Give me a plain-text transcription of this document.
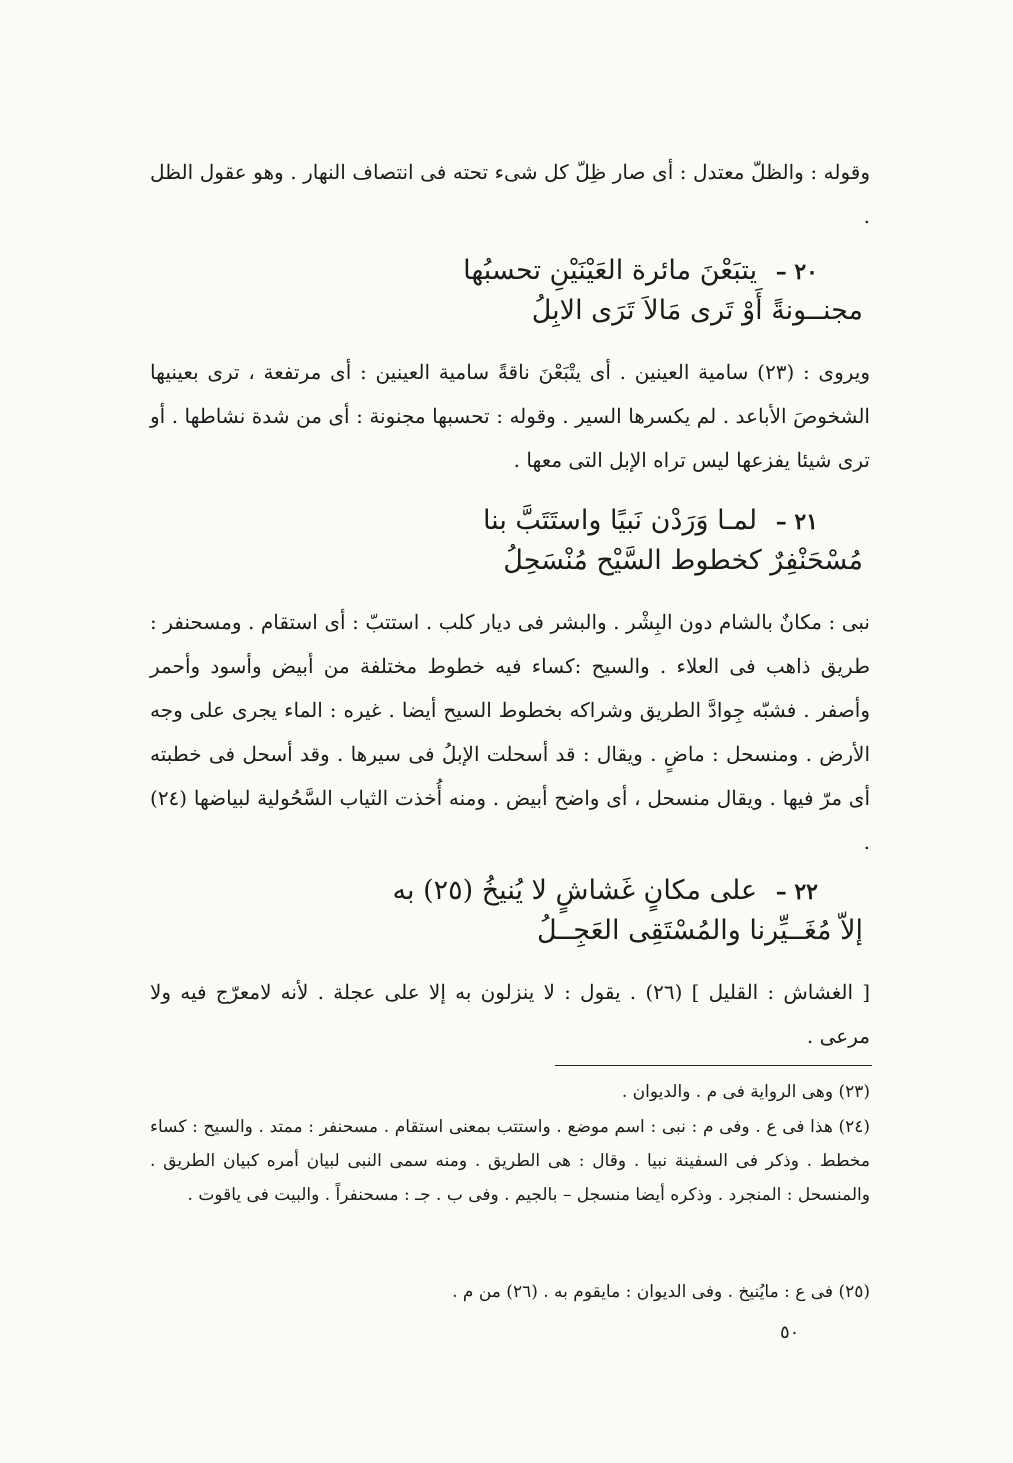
وقوله : والظلّ معتدل : أى صار ظِلّ كل شىء تحته فى انتصاف النهار . وهو عقول الظل .
٢٠ – يتبَعْنَ مائرة العَيْنَيْنِ تحسبُها
مجنــونةً أَوْ تَرى مَالاَ تَرَى الابِلُ
ويروى : (٢٣) سامية العينين . أى يتْبَعْنَ ناقةً سامية العينين : أى مرتفعة ، ترى بعينيها الشخوصَ الأباعد . لم يكسرها السير . وقوله : تحسبها مجنونة : أى من شدة نشاطها . أو ترى شيئا يفزعها ليس تراه الإبل التى معها .
٢١ – لمـا وَرَدْن نَبيًا واستَتَبَّ بنا
مُسْحَنْفِرٌ كخطوط السَّيْح مُنْسَحِلُ
نبى : مكانٌ بالشام دون البِشْر . والبشر فى ديار كلب . استتبّ : أى استقام . ومسحنفر : طريق ذاهب فى العلاء . والسيح :كساء فيه خطوط مختلفة من أبيض وأسود وأحمر وأصفر . فشبّه جِوادَّ الطريق وشراكه بخطوط السيح أيضا . غيره : الماء يجرى على وجه الأرض . ومنسحل : ماضٍ . ويقال : قد أسحلت الإبلُ فى سيرها . وقد أسحل فى خطبته أى مرّ فيها . ويقال منسحل ، أى واضح أبيض . ومنه أُخذت الثياب السَّحُولية لبياضها (٢٤) .
٢٢ – على مكانٍ غَشاشٍ لا يُنيخُ (٢٥) به
إلاّ مُغَــيِّرنا والمُسْتَقِى العَجِــلُ
[ الغشاش : القليل ] (٢٦) . يقول : لا ينزلون به إلا على عجلة . لأنه لامعرّج فيه ولا مرعى .
(٢٣) وهى الرواية فى م . والديوان .
(٢٤) هذا فى ع . وفى م : نبى : اسم موضع . واستتب بمعنى استقام . مسحنفر : ممتد . والسيح : كساء مخطط . وذكر فى السفينة نبيا . وقال : هى الطريق . ومنه سمى النبى لبيان أمره كبيان الطريق . والمنسحل : المنجرد . وذكره أيضا منسجل – بالجيم . وفى ب . جـ : مسحنفراً . والبيت فى ياقوت .
(٢٥) فى ع : مايُنيخ . وفى الديوان : مايقوم به . (٢٦) من م .
٥٠
